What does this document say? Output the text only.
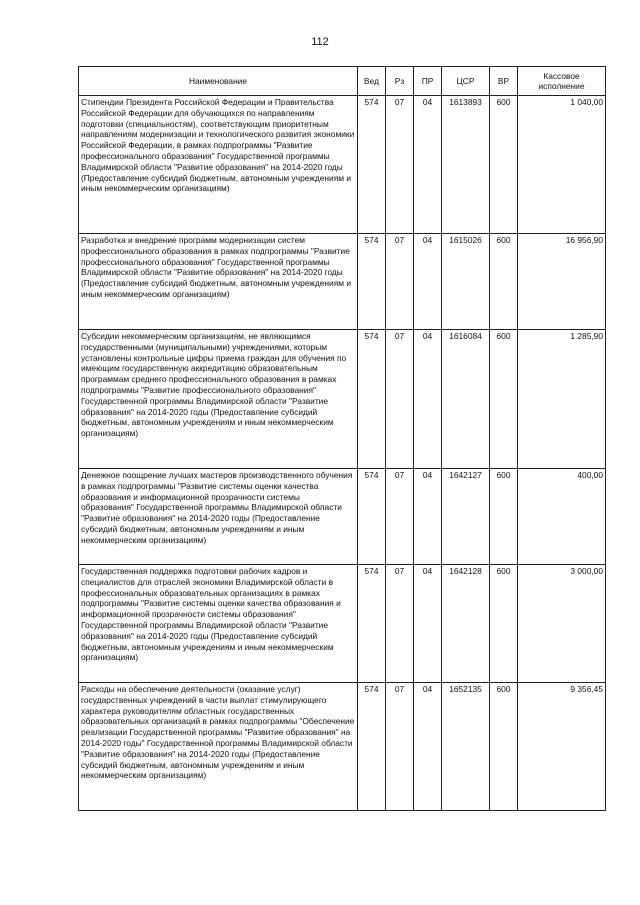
112
Наименование	Вед	Рз	ПР	ЦСР	ВР	Кассовое исполнение
Стипендии Президента Российской Федерации и Правительства Российской Федерации для обучающихся по направлениям подготовки (специальностям), соответствующим приоритетным направлениям модернизации и технологического развития экономики Российской Федерации, в рамках подпрограммы "Развитие профессионального образования" Государственной программы Владимирской области "Развитие образования" на 2014-2020 годы (Предоставление субсидий бюджетным, автономным учреждениям и иным некоммерческим организациям)	574	07	04	1613893	600	1 040,00
Разработка и внедрение программ модернизации систем профессионального образования в рамках подпрограммы "Развитие профессионального образования" Государственной программы Владимирской области "Развитие образования" на 2014-2020 годы (Предоставление субсидий бюджетным, автономным учреждениям и иным некоммерческим организациям)	574	07	04	1615026	600	16 956,90
Субсидии некоммерческим организациям, не являющимся государственными (муниципальными) учреждениями, которым установлены контрольные цифры приема граждан для обучения по имеющим государственную аккредитацию образовательным программам среднего профессионального образования в рамках подпрограммы "Развитие профессионального образования" Государственной программы Владимирской области "Развитие образования" на 2014-2020 годы (Предоставление субсидий бюджетным, автономным учреждениям и иным некоммерческим организациям)	574	07	04	1616084	600	1 285,90
Денежное поощрение лучших мастеров производственного обучения в рамках подпрограммы "Развитие системы оценки качества образования и информационной прозрачности системы образования" Государственной программы Владимирской области "Развитие образования" на 2014-2020 годы (Предоставление субсидий бюджетным, автономным учреждениям и иным некоммерческим организациям)	574	07	04	1642127	600	400,00
Государственная поддержка подготовки рабочих кадров и специалистов для отраслей экономики Владимирской области в профессиональных образовательных организациях в рамках подпрограммы "Развитие системы оценки качества образования и информационной прозрачности системы образования" Государственной программы Владимирской области "Развитие образования" на 2014-2020 годы (Предоставление субсидий бюджетным, автономным учреждениям и иным некоммерческим организациям)	574	07	04	1642128	600	3 000,00
Расходы на обеспечение деятельности (оказание услуг) государственных учреждений в части выплат стимулирующего характера руководителям областных государственных образовательных организаций в рамках подпрограммы "Обеспечение реализации Государственной программы "Развитие образования" на 2014-2020 годы" Государственной программы Владимирской области "Развитие образования" на 2014-2020 годы (Предоставление субсидий бюджетным, автономным учреждениям и иным некоммерческим организациям)	574	07	04	1652135	600	9 356,45
